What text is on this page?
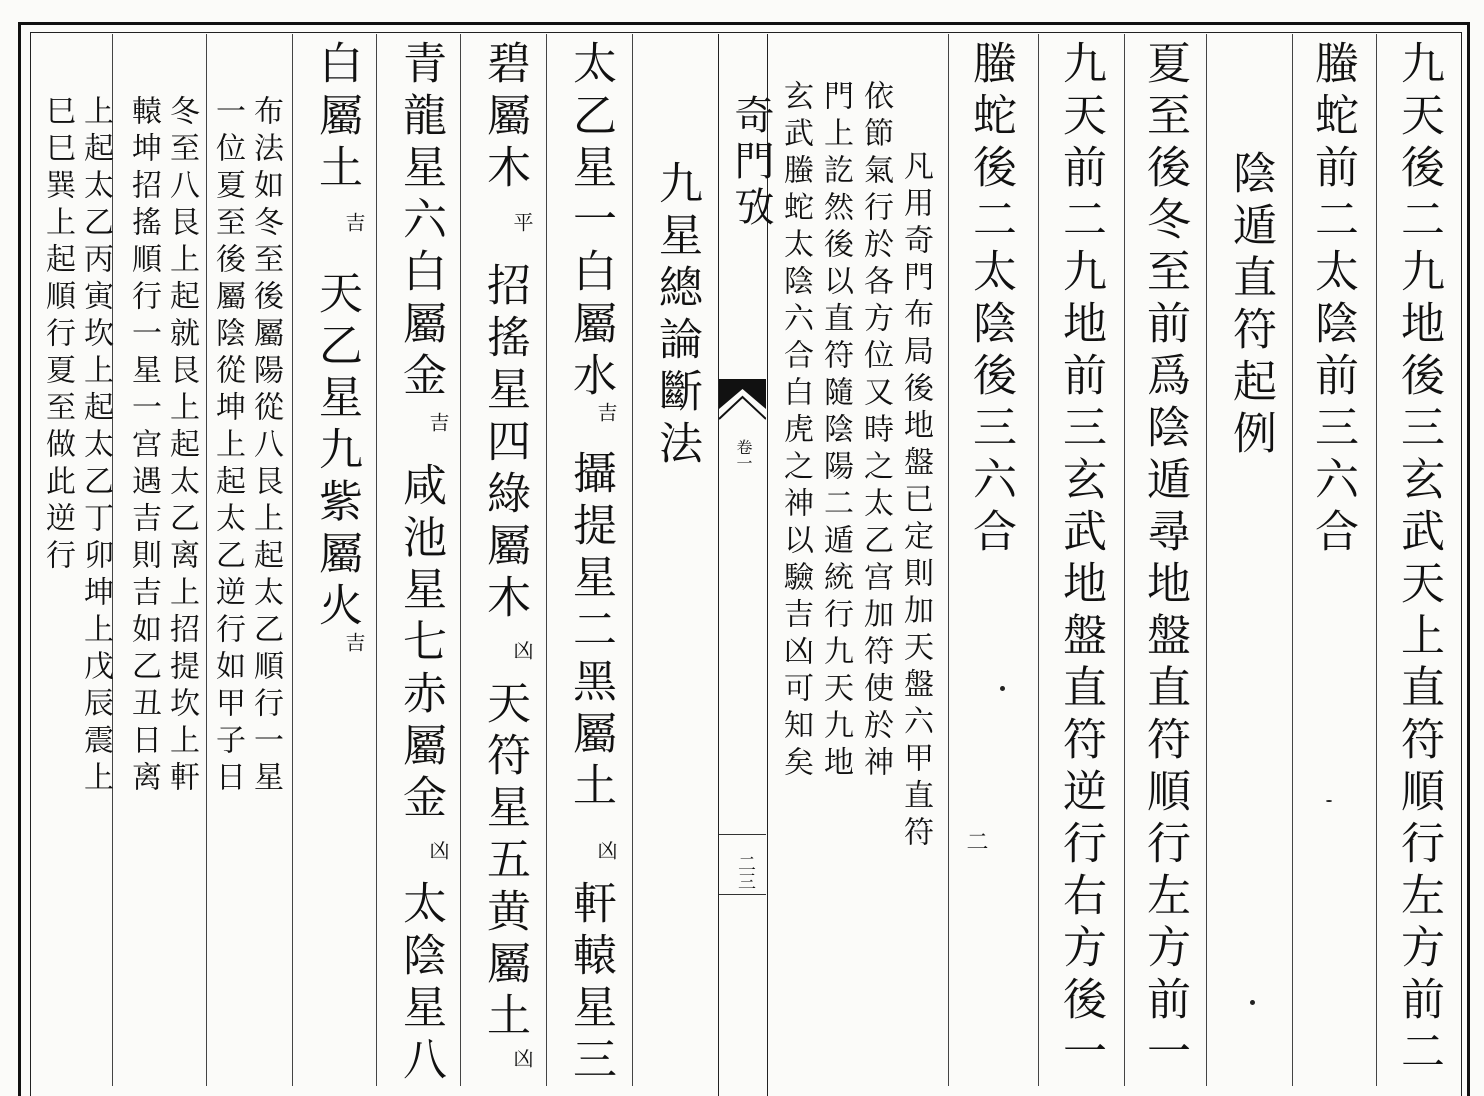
九天後二九地後三玄武天上直符順行左方前二
螣蛇前二太陰前三六合
陰遁直符起例
夏至後冬至前爲陰遁尋地盤直符順行左方前一
九天前二九地前三玄武地盤直符逆行右方後一
螣蛇後二太陰後三六合
凡用奇門布局後地盤已定則加天盤六甲直符
依節氣行於各方位又時之太乙宫加符使於神
門上訖然後以直符隨陰陽二遁統行九天九地
玄武螣蛇太陰六合白虎之神以驗吉凶可知矣
二
奇門攷
卷一
二三
九星總論斷法
太乙星一白屬水
吉
攝提星二黑屬土
凶
軒轅星三
碧屬木
平
招搖星四綠屬木
凶
天符星五黄屬土
凶
青龍星六白屬金
吉
咸池星七赤屬金
凶
太陰星八
白屬土
吉
天乙星九紫屬火
吉
布法如冬至後屬陽從八艮上起太乙順行一星
一位夏至後屬陰從坤上起太乙逆行如甲子日
冬至八艮上起就艮上起太乙离上招提坎上軒
轅坤招搖順行一星一宫遇吉則吉如乙丑日离
上起太乙丙寅坎上起太乙丁卯坤上戊辰震上
巳巳巽上起順行夏至做此逆行
